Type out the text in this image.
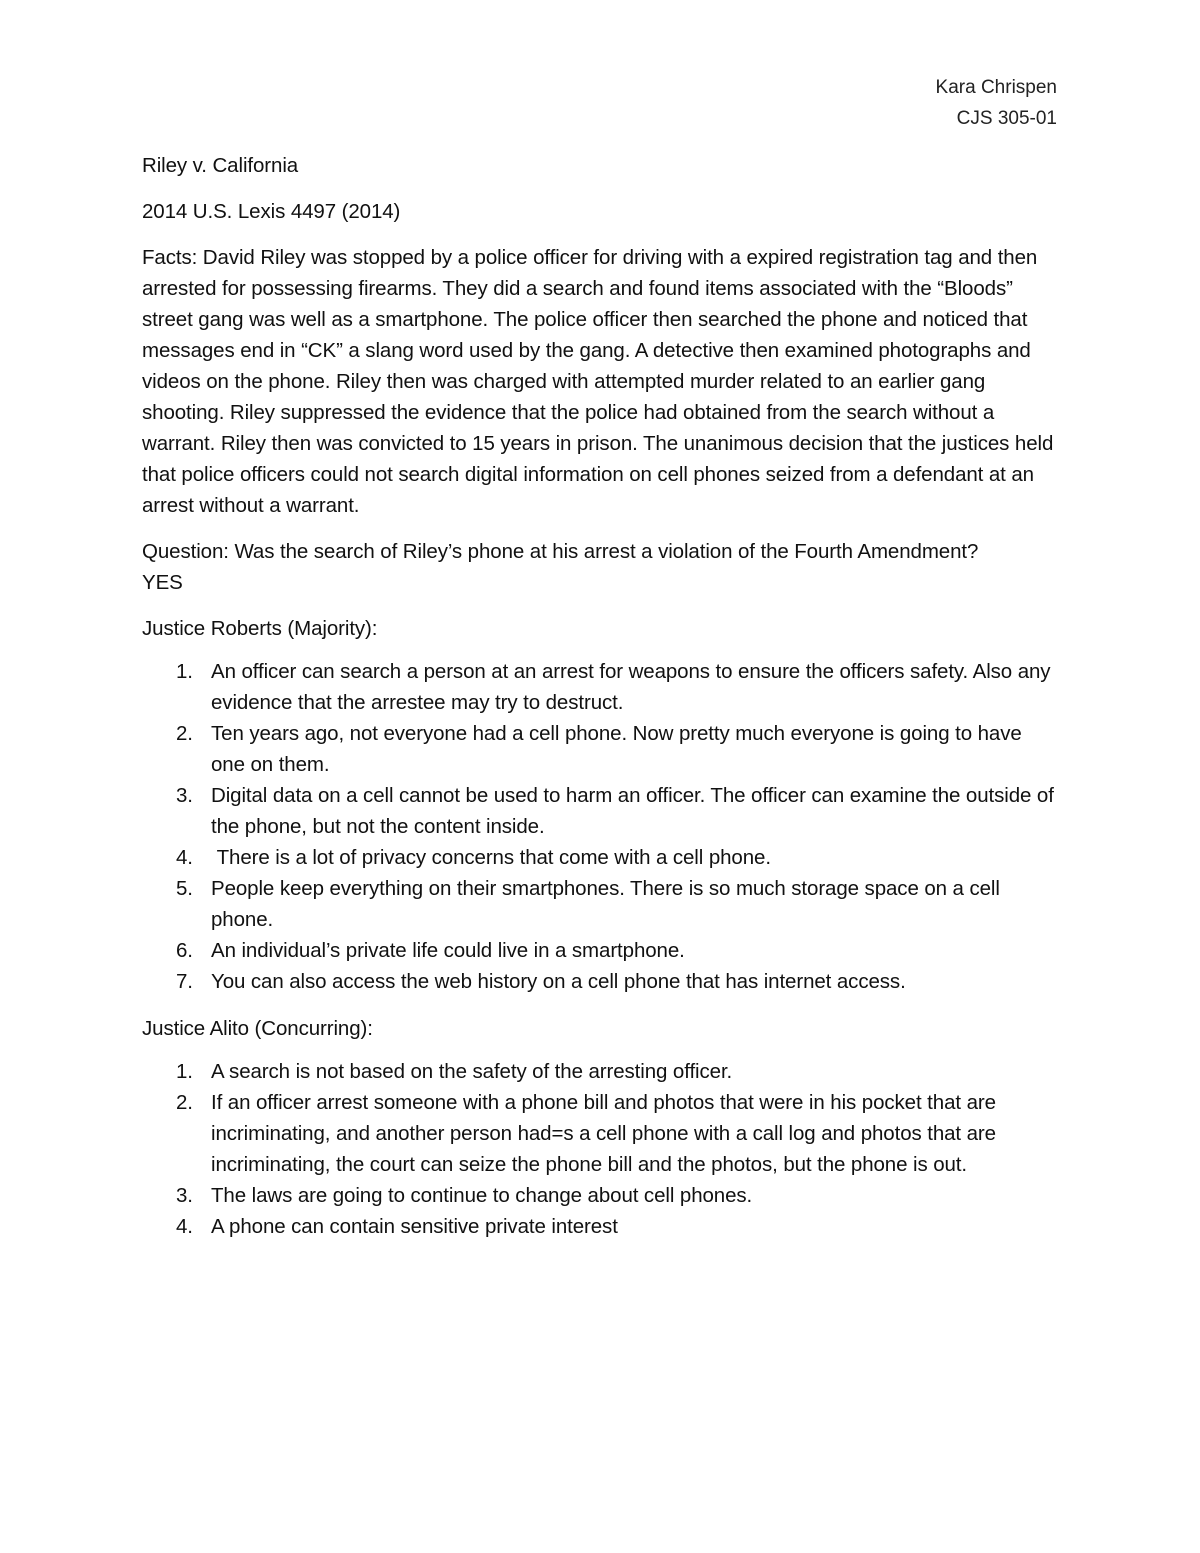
Kara Chrispen
CJS 305-01

Riley v. California

2014 U.S. Lexis 4497 (2014)

Facts: David Riley was stopped by a police officer for driving with a expired registration tag and then arrested for possessing firearms. They did a search and found items associated with the “Bloods” street gang was well as a smartphone. The police officer then searched the phone and noticed that messages end in “CK” a slang word used by the gang. A detective then examined photographs and videos on the phone. Riley then was charged with attempted murder related to an earlier gang shooting. Riley suppressed the evidence that the police had obtained from the search without a warrant. Riley then was convicted to 15 years in prison. The unanimous decision that the justices held that police officers could not search digital information on cell phones seized from a defendant at an arrest without a warrant.

Question: Was the search of Riley’s phone at his arrest a violation of the Fourth Amendment?
YES

Justice Roberts (Majority):

1. An officer can search a person at an arrest for weapons to ensure the officers safety. Also any evidence that the arrestee may try to destruct.
2. Ten years ago, not everyone had a cell phone. Now pretty much everyone is going to have one on them.
3. Digital data on a cell cannot be used to harm an officer. The officer can examine the outside of the phone, but not the content inside.
4. There is a lot of privacy concerns that come with a cell phone.
5. People keep everything on their smartphones. There is so much storage space on a cell phone.
6. An individual’s private life could live in a smartphone.
7. You can also access the web history on a cell phone that has internet access.

Justice Alito (Concurring):

1. A search is not based on the safety of the arresting officer.
2. If an officer arrest someone with a phone bill and photos that were in his pocket that are incriminating, and another person had=s a cell phone with a call log and photos that are incriminating, the court can seize the phone bill and the photos, but the phone is out.
3. The laws are going to continue to change about cell phones.
4. A phone can contain sensitive private interest
